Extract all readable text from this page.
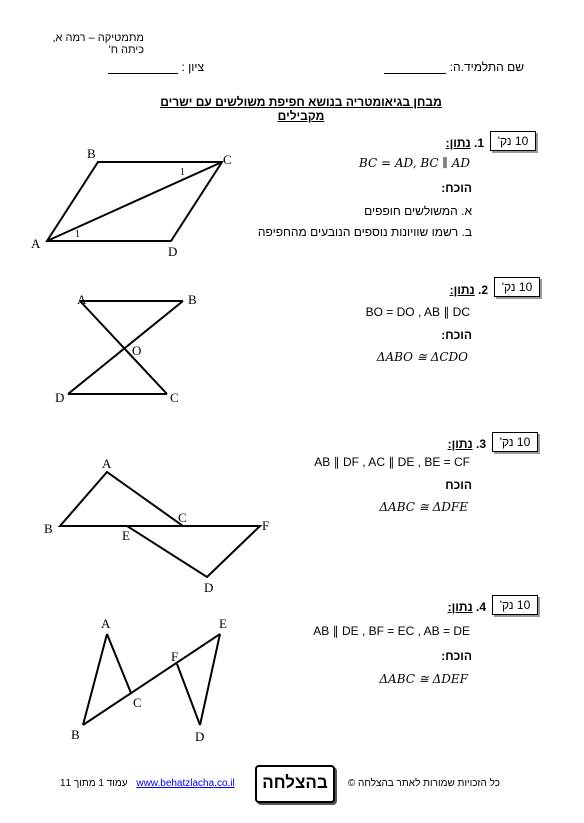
מתמטיקה – רמה א, כיתה ח'
שם התלמיד.ה:
ציון :
מבחן בגיאומטריה בנושא חפיפת משולשים עם ישרים מקבילים
10 נק'
1. נתון:
BC = AD, BC ∥ AD
הוכח:
א. המשולשים חופפים
ב. רשמו שוויונות נוספים הנובעים מהחפיפה
B	C
A
D
1
1
10 נק'
2. נתון:
BO = DO , AB ∥ DC
הוכח:
ΔABO ≅ ΔCDO
A	B
O
D	C
10 נק'
3. נתון:
AB ∥ DF , AC ∥ DE , BE = CF
הוכח
ΔABC ≅ ΔDFE
A
B
C
E
F
D
10 נק'
4. נתון:
AB ∥ DE , BF = EC , AB = DE
הוכח:
ΔABC ≅ ΔDEF
A
B
C
F
E
D
כל הזכויות שמורות לאתר בהצלחה ©
בהצלחה
עמוד 1 מתוך 11 www.behatzlacha.co.il
